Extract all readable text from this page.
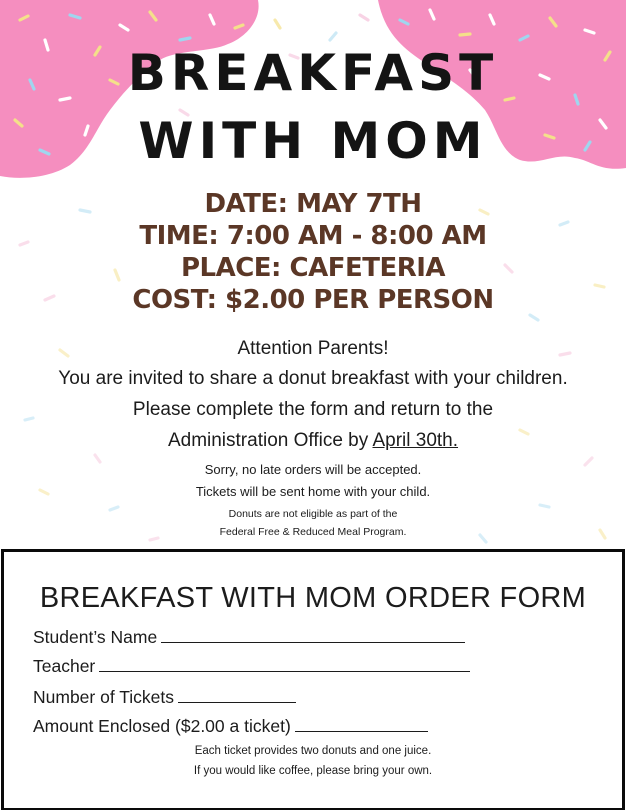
BREAKFAST
WITH MOM
DATE: MAY 7TH
TIME: 7:00 AM - 8:00 AM
PLACE: CAFETERIA
COST: $2.00 PER PERSON
Attention Parents!
You are invited to share a donut breakfast with your children.
Please complete the form and return to the
Administration Office by April 30th.
Sorry, no late orders will be accepted.
Tickets will be sent home with your child.
Donuts are not eligible as part of the
Federal Free & Reduced Meal Program.
BREAKFAST WITH MOM ORDER FORM
Student’s Name
Teacher
Number of Tickets
Amount Enclosed ($2.00 a ticket)
Each ticket provides two donuts and one juice.
If you would like coffee, please bring your own.
